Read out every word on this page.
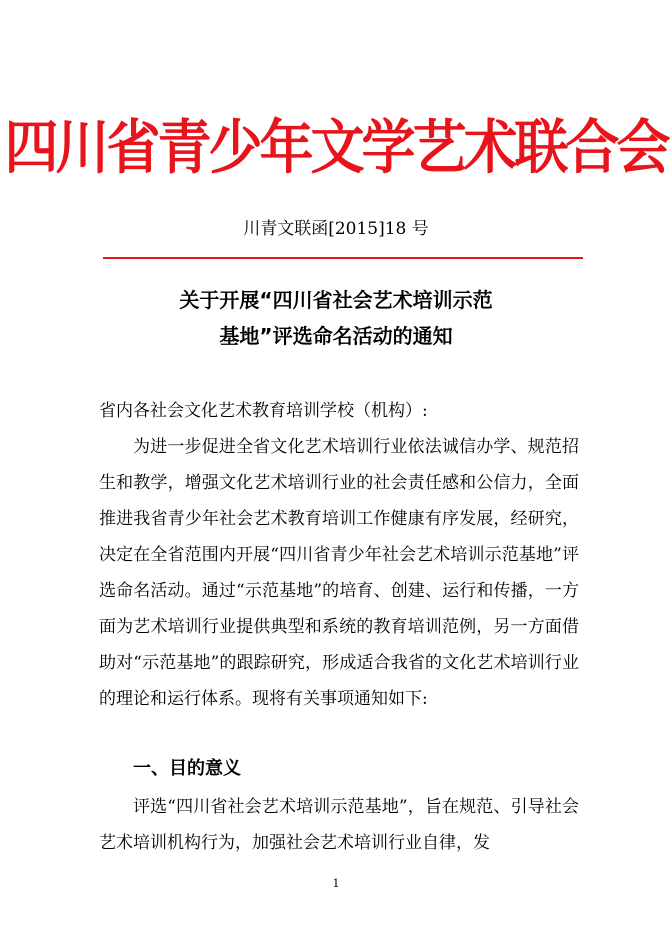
四川省青少年文学艺术联合会
川青文联函[2015]18 号
关于开展“四川省社会艺术培训示范
基地”评选命名活动的通知
省内各社会文化艺术教育培训学校（机构）:
为进一步促进全省文化艺术培训行业依法诚信办学、规范招生和教学，增强文化艺术培训行业的社会责任感和公信力，全面推进我省青少年社会艺术教育培训工作健康有序发展，经研究，决定在全省范围内开展“四川省青少年社会艺术培训示范基地”评选命名活动。通过“示范基地”的培育、创建、运行和传播，一方面为艺术培训行业提供典型和系统的教育培训范例，另一方面借助对“示范基地”的跟踪研究，形成适合我省的文化艺术培训行业的理论和运行体系。现将有关事项通知如下:
一、目的意义
评选“四川省社会艺术培训示范基地”，旨在规范、引导社会艺术培训机构行为，加强社会艺术培训行业自律，发
1
